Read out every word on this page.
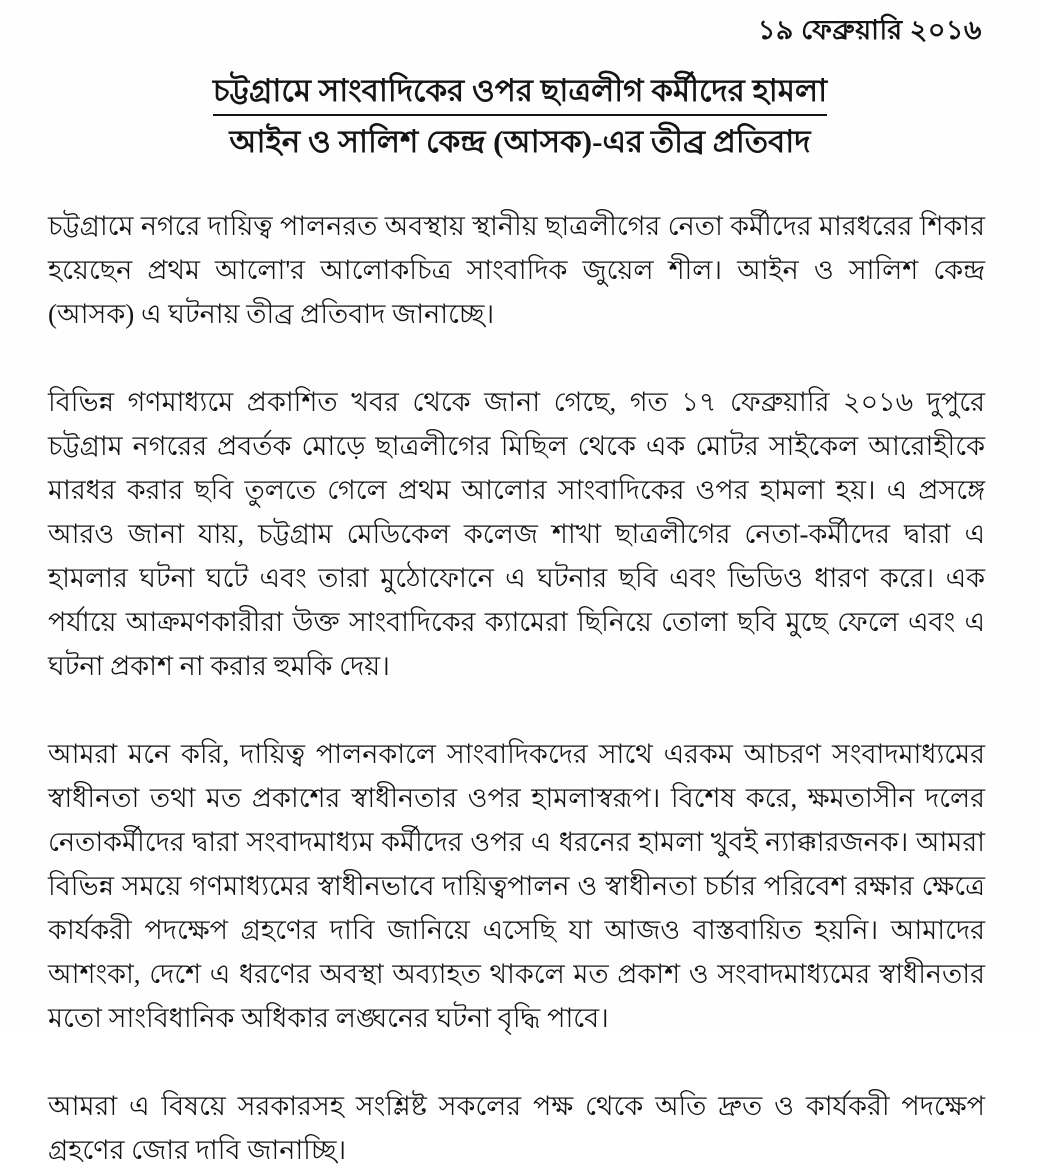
১৯ ফেব্রুয়ারি ২০১৬
চট্টগ্রামে সাংবাদিকের ওপর ছাত্রলীগ কর্মীদের হামলা
আইন ও সালিশ কেন্দ্র (আসক)-এর তীব্র প্রতিবাদ

চট্টগ্রামে নগরে দায়িত্ব পালনরত অবস্থায় স্থানীয় ছাত্রলীগের নেতা কর্মীদের মারধরের শিকার হয়েছেন প্রথম আলো'র আলোকচিত্র সাংবাদিক জুয়েল শীল। আইন ও সালিশ কেন্দ্র (আসক) এ ঘটনায় তীব্র প্রতিবাদ জানাচ্ছে।

বিভিন্ন গণমাধ্যমে প্রকাশিত খবর থেকে জানা গেছে, গত ১৭ ফেব্রুয়ারি ২০১৬ দুপুরে চট্টগ্রাম নগরের প্রবর্তক মোড়ে ছাত্রলীগের মিছিল থেকে এক মোটর সাইকেল আরোহীকে মারধর করার ছবি তুলতে গেলে প্রথম আলোর সাংবাদিকের ওপর হামলা হয়। এ প্রসঙ্গে আরও জানা যায়, চট্টগ্রাম মেডিকেল কলেজ শাখা ছাত্রলীগের নেতা-কর্মীদের দ্বারা এ হামলার ঘটনা ঘটে এবং তারা মুঠোফোনে এ ঘটনার ছবি এবং ভিডিও ধারণ করে। এক পর্যায়ে আক্রমণকারীরা উক্ত সাংবাদিকের ক্যামেরা ছিনিয়ে তোলা ছবি মুছে ফেলে এবং এ ঘটনা প্রকাশ না করার হুমকি দেয়।

আমরা মনে করি, দায়িত্ব পালনকালে সাংবাদিকদের সাথে এরকম আচরণ সংবাদমাধ্যমের স্বাধীনতা তথা মত প্রকাশের স্বাধীনতার ওপর হামলাস্বরূপ। বিশেষ করে, ক্ষমতাসীন দলের নেতাকর্মীদের দ্বারা সংবাদমাধ্যম কর্মীদের ওপর এ ধরনের হামলা খুবই ন্যাক্কারজনক। আমরা বিভিন্ন সময়ে গণমাধ্যমের স্বাধীনভাবে দায়িত্বপালন ও স্বাধীনতা চর্চার পরিবেশ রক্ষার ক্ষেত্রে কার্যকরী পদক্ষেপ গ্রহণের দাবি জানিয়ে এসেছি যা আজও বাস্তবায়িত হয়নি। আমাদের আশংকা, দেশে এ ধরণের অবস্থা অব্যাহত থাকলে মত প্রকাশ ও সংবাদমাধ্যমের স্বাধীনতার মতো সাংবিধানিক অধিকার লঙ্ঘনের ঘটনা বৃদ্ধি পাবে।

আমরা এ বিষয়ে সরকারসহ সংশ্লিষ্ট সকলের পক্ষ থেকে অতি দ্রুত ও কার্যকরী পদক্ষেপ গ্রহণের জোর দাবি জানাচ্ছি।
